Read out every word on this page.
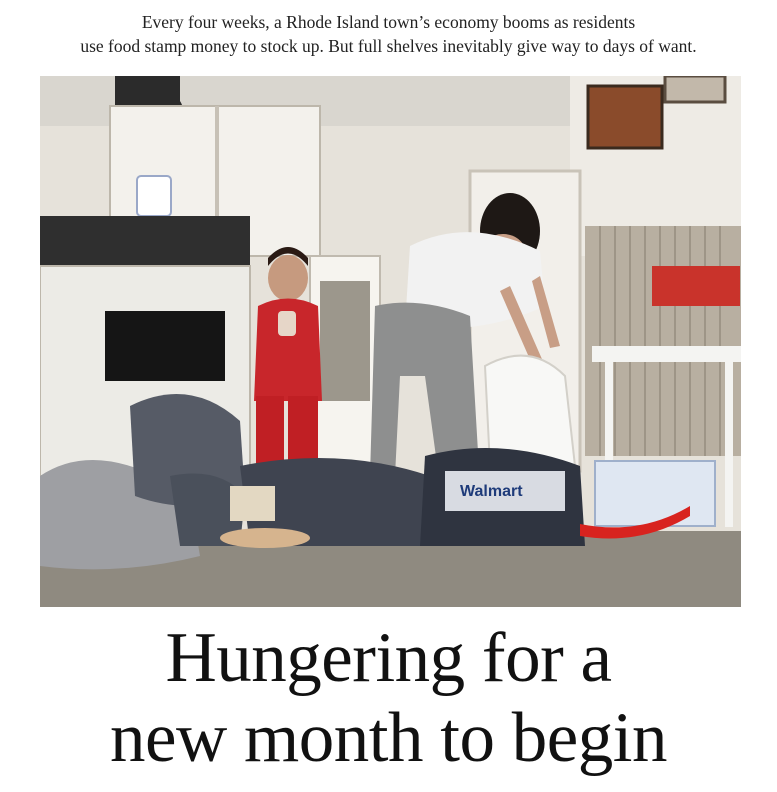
Every four weeks, a Rhode Island town’s economy booms as residents
use food stamp money to stock up. But full shelves inevitably give way to days of want.
Walmart
Hungering for a
new month to begin
